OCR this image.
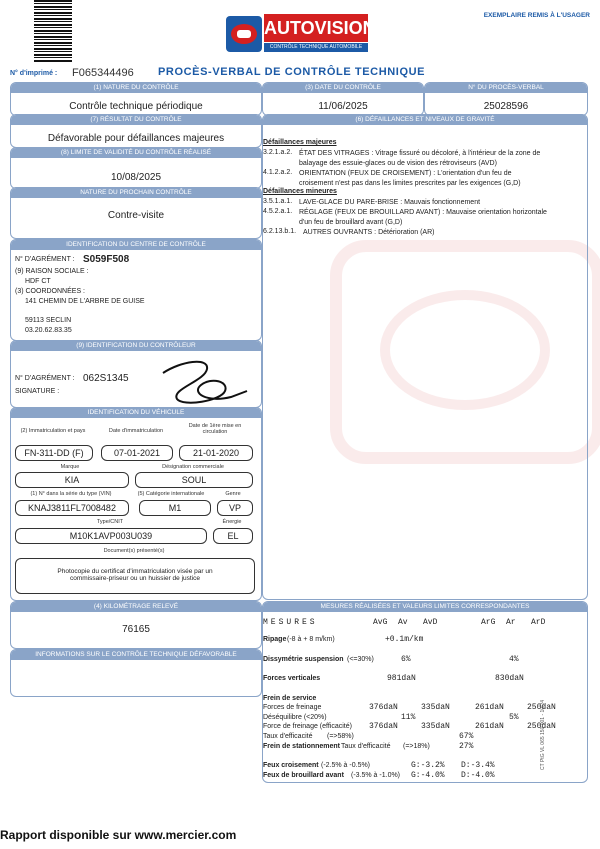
AUTOVISION
CONTRÔLE TECHNIQUE AUTOMOBILE
EXEMPLAIRE REMIS À L'USAGER
N° d'imprimé : F065344496 PROCÈS-VERBAL DE CONTRÔLE TECHNIQUE
(1) NATURE DU CONTRÔLE
Contrôle technique périodique
(7) RÉSULTAT DU CONTRÔLE
Défavorable pour défaillances majeures
(8) LIMITE DE VALIDITÉ DU CONTRÔLE RÉALISÉ
10/08/2025
NATURE DU PROCHAIN CONTRÔLE
Contre-visite
IDENTIFICATION DU CENTRE DE CONTRÔLE
N° D'AGRÉMENT : S059F508
(9) RAISON SOCIALE :
HDF CT
(3) COORDONNÉES :
141 CHEMIN DE L'ARBRE DE GUISE
59113 SECLIN
03.20.62.83.35
(9) IDENTIFICATION DU CONTRÔLEUR
N° D'AGRÉMENT : 062S1345
SIGNATURE :
IDENTIFICATION DU VÉHICULE
(2) Immatriculation et pays	Date d'immatriculation
Date de 1ère mise en circulation
FN-311-DD (F)	07-01-2021	21-01-2020
Marque	Désignation commerciale
KIA	SOUL
(1) N° dans la série du type (VIN)	(5) Catégorie internationale	Genre
KNAJ3811FL7008482	M1	VP
Type/CNIT	Énergie
M10K1AVP003U039	EL
Document(s) présenté(s)
Photocopie du certificat d'immatriculation visée par un
commissaire-priseur ou un huissier de justice
(4) KILOMÉTRAGE RELEVÉ
76165
INFORMATIONS SUR LE CONTRÔLE TECHNIQUE DÉFAVORABLE
(3) DATE DU CONTRÔLE
11/06/2025
N° DU PROCÈS-VERBAL
25028596
(6) DÉFAILLANCES ET NIVEAUX DE GRAVITÉ
Défaillances majeures
3.2.1.a.2. ÉTAT DES VITRAGES : Vitrage fissuré ou décoloré, à l'intérieur de la zone de
balayage des essuie-glaces ou de vision des rétroviseurs (AVD)
4.1.2.a.2. ORIENTATION (FEUX DE CROISEMENT) : L'orientation d'un feu de
croisement n'est pas dans les limites prescrites par les exigences (G,D)
Défaillances mineures
3.5.1.a.1. LAVE-GLACE DU PARE-BRISE : Mauvais fonctionnement
4.5.2.a.1. RÉGLAGE (FEUX DE BROUILLARD AVANT) : Mauvaise orientation horizontale
d'un feu de brouillard avant (G,D)
6.2.13.b.1. AUTRES OUVRANTS : Détérioration (AR)
MESURES RÉALISÉES ET VALEURS LIMITES CORRESPONDANTES
MESURES	AvG Av AvD	ArG Ar ArD
Ripage (-8 à + 8 m/km)	+0.1m/km
Dissymétrie suspension (<=30%)	6%	4%
Forces verticales	981daN	830daN
Frein de service
Forces de freinage	376daN	335daN	261daN	250daN
Déséquilibre (<20%)	11%	5%
Force de freinage (efficacité) 376daN	335daN	261daN	250daN
Taux d'efficacité (=>58%)	67%
Frein de stationnement Taux d'efficacité (=>18%)	27%
Feux croisement (-2.5% à -0.5%)	G:-3.2% D:-3.4%
Feux de brouillard avant (-3.5% à -1.0%) G:-4.0% D:-4.0%
CT PtG VL 065 150 001 - 10/24
Rapport disponible sur www.mercier.com
